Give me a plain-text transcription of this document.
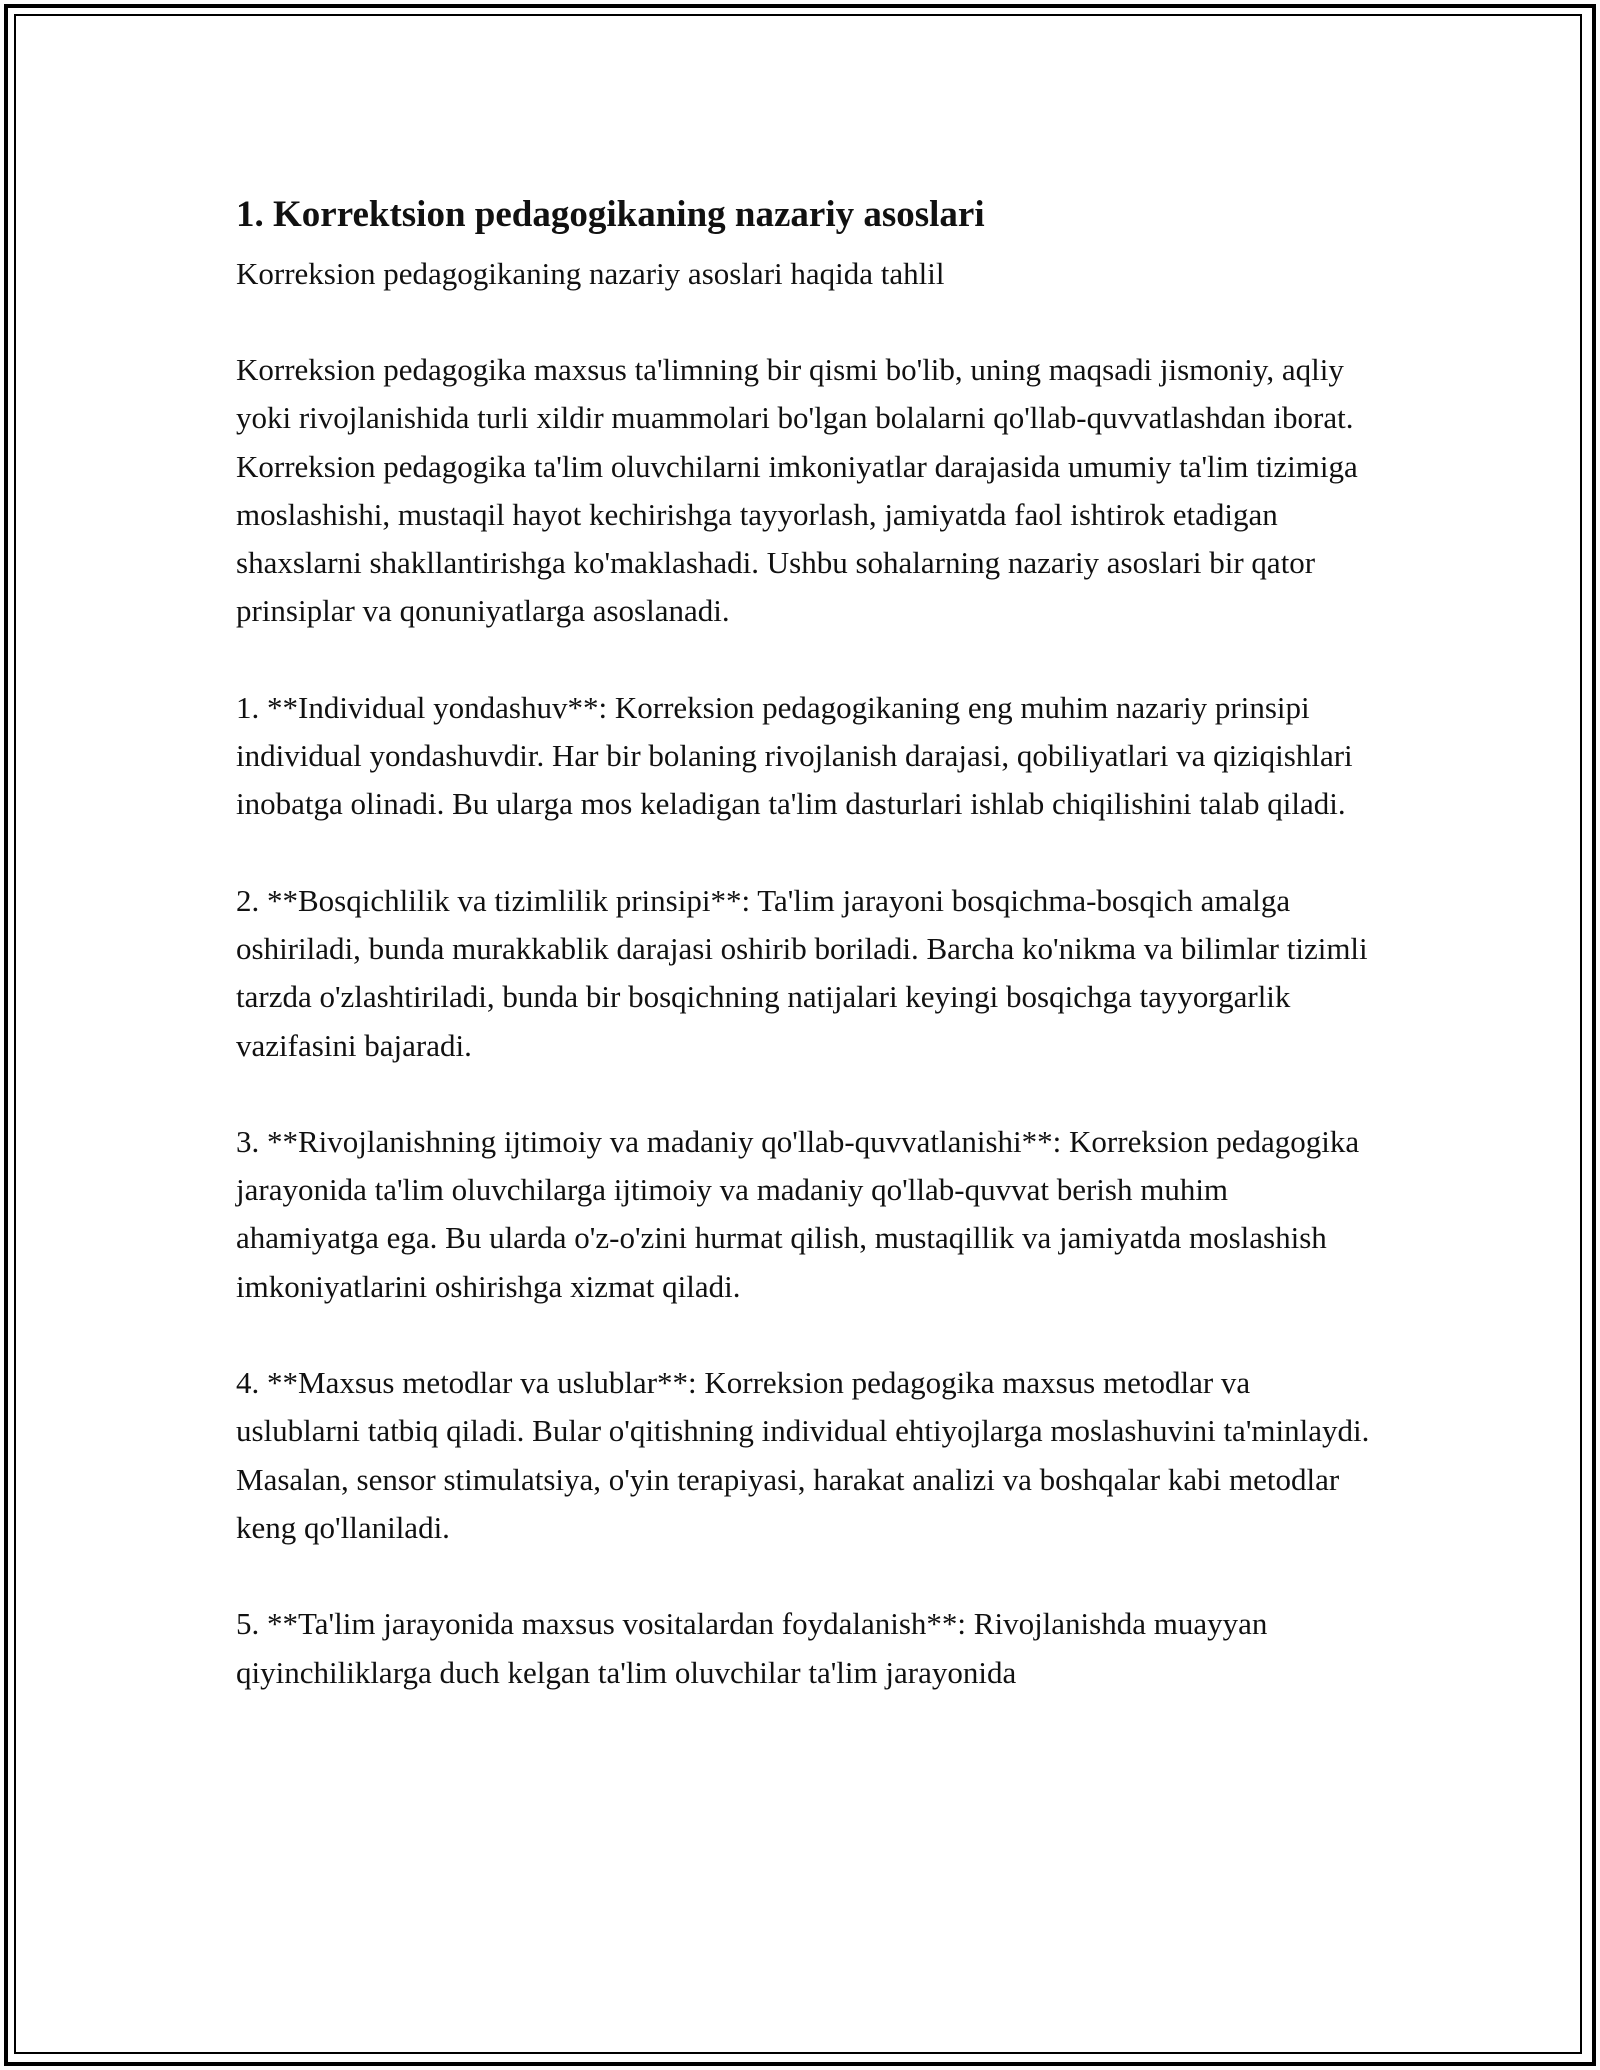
1. Korrektsion pedagogikaning nazariy asoslari

Korreksion pedagogikaning nazariy asoslari haqida tahlil

Korreksion pedagogika maxsus ta'limning bir qismi bo'lib, uning maqsadi jismoniy, aqliy yoki rivojlanishida turli xildir muammolari bo'lgan bolalarni qo'llab-quvvatlashdan iborat. Korreksion pedagogika ta'lim oluvchilarni imkoniyatlar darajasida umumiy ta'lim tizimiga moslashishi, mustaqil hayot kechirishga tayyorlash, jamiyatda faol ishtirok etadigan shaxslarni shakllantirishga ko'maklashadi. Ushbu sohalarning nazariy asoslari bir qator prinsiplar va qonuniyatlarga asoslanadi.

1. **Individual yondashuv**: Korreksion pedagogikaning eng muhim nazariy prinsipi individual yondashuvdir. Har bir bolaning rivojlanish darajasi, qobiliyatlari va qiziqishlari inobatga olinadi. Bu ularga mos keladigan ta'lim dasturlari ishlab chiqilishini talab qiladi.

2. **Bosqichlilik va tizimlilik prinsipi**: Ta'lim jarayoni bosqichma-bosqich amalga oshiriladi, bunda murakkablik darajasi oshirib boriladi. Barcha ko'nikma va bilimlar tizimli tarzda o'zlashtiriladi, bunda bir bosqichning natijalari keyingi bosqichga tayyorgarlik vazifasini bajaradi.

3. **Rivojlanishning ijtimoiy va madaniy qo'llab-quvvatlanishi**: Korreksion pedagogika jarayonida ta'lim oluvchilarga ijtimoiy va madaniy qo'llab-quvvat berish muhim ahamiyatga ega. Bu ularda o'z-o'zini hurmat qilish, mustaqillik va jamiyatda moslashish imkoniyatlarini oshirishga xizmat qiladi.

4. **Maxsus metodlar va uslublar**: Korreksion pedagogika maxsus metodlar va uslublarni tatbiq qiladi. Bular o'qitishning individual ehtiyojlarga moslashuvini ta'minlaydi. Masalan, sensor stimulatsiya, o'yin terapiyasi, harakat analizi va boshqalar kabi metodlar keng qo'llaniladi.

5. **Ta'lim jarayonida maxsus vositalardan foydalanish**: Rivojlanishda muayyan qiyinchiliklarga duch kelgan ta'lim oluvchilar ta'lim jarayonida
